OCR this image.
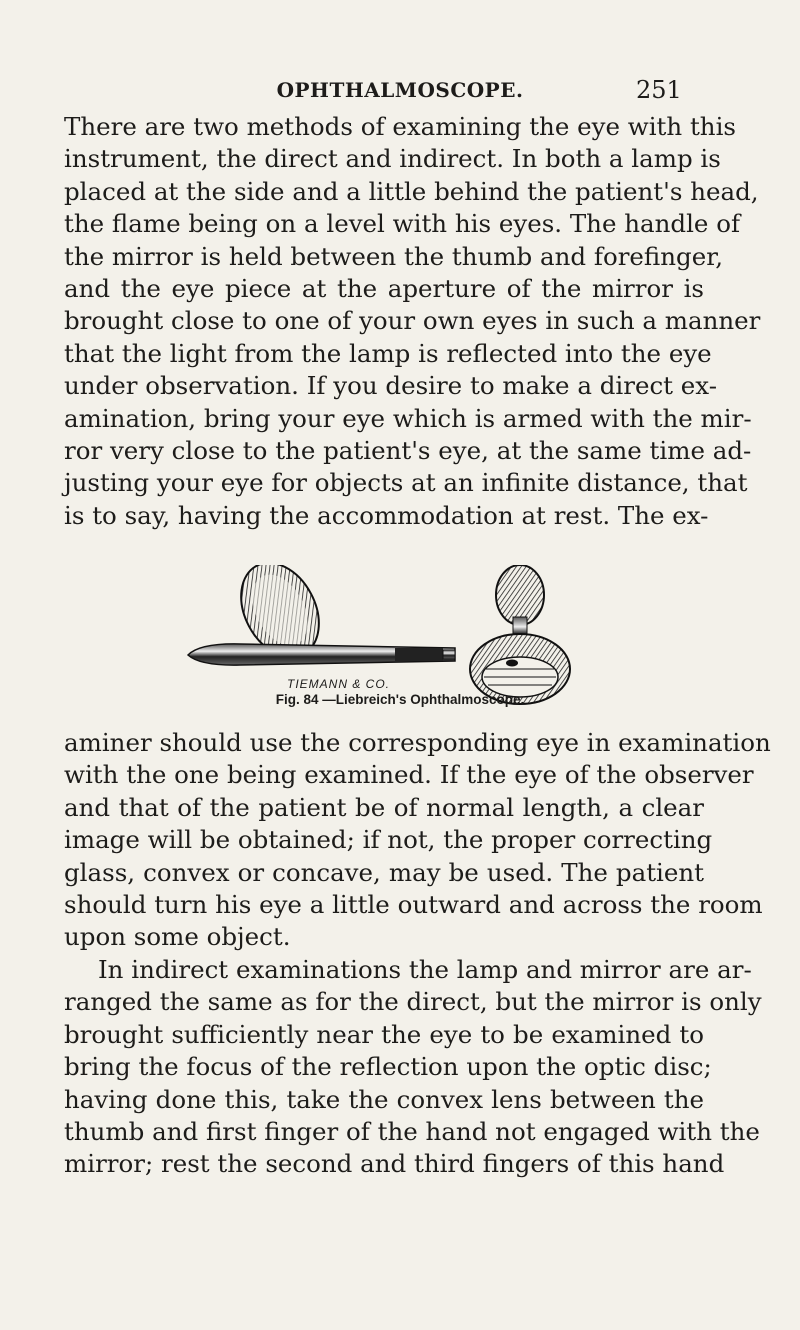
OPHTHALMOSCOPE.	251
There are two methods of examining the eye with this
instrument, the direct and indirect. In both a lamp is
placed at the side and a little behind the patient's head,
the flame being on a level with his eyes. The handle of
the mirror is held between the thumb and forefinger,
and the eye piece at the aperture of the mirror is
brought close to one of your own eyes in such a manner
that the light from the lamp is reflected into the eye
under observation. If you desire to make a direct ex-
amination, bring your eye which is armed with the mir-
ror very close to the patient's eye, at the same time ad-
justing your eye for objects at an infinite distance, that
is to say, having the accommodation at rest. The ex-
TIEMANN & CO.
Fig. 84 —Liebreich's Ophthalmoscope.
aminer should use the corresponding eye in examination
with the one being examined. If the eye of the observer
and that of the patient be of normal length, a clear
image will be obtained; if not, the proper correcting
glass, convex or concave, may be used. The patient
should turn his eye a little outward and across the room
upon some object.
In indirect examinations the lamp and mirror are ar-
ranged the same as for the direct, but the mirror is only
brought sufficiently near the eye to be examined to
bring the focus of the reflection upon the optic disc;
having done this, take the convex lens between the
thumb and first finger of the hand not engaged with the
mirror; rest the second and third fingers of this hand
